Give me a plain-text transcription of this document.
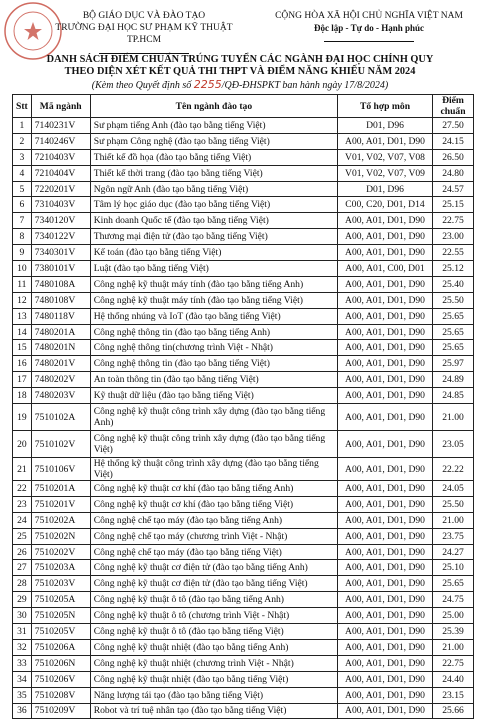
BỘ GIÁO DỤC VÀ ĐÀO TẠO
TRƯỜNG ĐẠI HỌC SƯ PHẠM KỸ THUẬT TP.HCM
CỘNG HÒA XÃ HỘI CHỦ NGHĨA VIỆT NAM
Độc lập - Tự do - Hạnh phúc
DANH SÁCH ĐIỂM CHUẨN TRÚNG TUYỂN CÁC NGÀNH ĐẠI HỌC CHÍNH QUY
THEO DIỆN XÉT KẾT QUẢ THI THPT VÀ ĐIỂM NĂNG KHIẾU NĂM 2024
(Kèm theo Quyết định số 2255/QĐ-ĐHSPKT ban hành ngày 17/8/2024)
Stt	Mã ngành	Tên ngành đào tạo	Tổ hợp môn	Điểm chuẩn
1	7140231V	Sư phạm tiếng Anh (đào tạo bằng tiếng Việt)	D01, D96	27.50
2	7140246V	Sư phạm Công nghệ (đào tạo bằng tiếng Việt)	A00, A01, D01, D90	24.15
3	7210403V	Thiết kế đồ họa (đào tạo bằng tiếng Việt)	V01, V02, V07, V08	26.50
4	7210404V	Thiết kế thời trang (đào tạo bằng tiếng Việt)	V01, V02, V07, V09	24.80
5	7220201V	Ngôn ngữ Anh (đào tạo bằng tiếng Việt)	D01, D96	24.57
6	7310403V	Tâm lý học giáo dục (đào tạo bằng tiếng Việt)	C00, C20, D01, D14	25.15
7	7340120V	Kinh doanh Quốc tế (đào tạo bằng tiếng Việt)	A00, A01, D01, D90	22.75
8	7340122V	Thương mại điện tử (đào tạo bằng tiếng Việt)	A00, A01, D01, D90	23.00
9	7340301V	Kế toán (đào tạo bằng tiếng Việt)	A00, A01, D01, D90	22.55
10	7380101V	Luật (đào tạo bằng tiếng Việt)	A00, A01, C00, D01	25.12
11	7480108A	Công nghệ kỹ thuật máy tính (đào tạo bằng tiếng Anh)	A00, A01, D01, D90	25.40
12	7480108V	Công nghệ kỹ thuật máy tính (đào tạo bằng tiếng Việt)	A00, A01, D01, D90	25.50
13	7480118V	Hệ thống nhúng và IoT (đào tạo bằng tiếng Việt)	A00, A01, D01, D90	25.65
14	7480201A	Công nghệ thông tin (đào tạo bằng tiếng Anh)	A00, A01, D01, D90	25.65
15	7480201N	Công nghệ thông tin(chương trình Việt - Nhật)	A00, A01, D01, D90	25.65
16	7480201V	Công nghệ thông tin (đào tạo bằng tiếng Việt)	A00, A01, D01, D90	25.97
17	7480202V	An toàn thông tin (đào tạo bằng tiếng Việt)	A00, A01, D01, D90	24.89
18	7480203V	Kỹ thuật dữ liệu (đào tạo bằng tiếng Việt)	A00, A01, D01, D90	24.85
19	7510102A	Công nghệ kỹ thuật công trình xây dựng (đào tạo bằng tiếng Anh)	A00, A01, D01, D90	21.00
20	7510102V	Công nghệ kỹ thuật công trình xây dựng (đào tạo bằng tiếng Việt)	A00, A01, D01, D90	23.05
21	7510106V	Hệ thống kỹ thuật công trình xây dựng (đào tạo bằng tiếng Việt)	A00, A01, D01, D90	22.22
22	7510201A	Công nghệ kỹ thuật cơ khí (đào tạo bằng tiếng Anh)	A00, A01, D01, D90	24.05
23	7510201V	Công nghệ kỹ thuật cơ khí (đào tạo bằng tiếng Việt)	A00, A01, D01, D90	25.50
24	7510202A	Công nghệ chế tạo máy (đào tạo bằng tiếng Anh)	A00, A01, D01, D90	21.00
25	7510202N	Công nghệ chế tạo máy (chương trình Việt - Nhật)	A00, A01, D01, D90	23.75
26	7510202V	Công nghệ chế tạo máy (đào tạo bằng tiếng Việt)	A00, A01, D01, D90	24.27
27	7510203A	Công nghệ kỹ thuật cơ điện tử (đào tạo bằng tiếng Anh)	A00, A01, D01, D90	25.10
28	7510203V	Công nghệ kỹ thuật cơ điện tử (đào tạo bằng tiếng Việt)	A00, A01, D01, D90	25.65
29	7510205A	Công nghệ kỹ thuật ô tô (đào tạo bằng tiếng Anh)	A00, A01, D01, D90	24.75
30	7510205N	Công nghệ kỹ thuật ô tô (chương trình Việt - Nhật)	A00, A01, D01, D90	25.00
31	7510205V	Công nghệ kỹ thuật ô tô (đào tạo bằng tiếng Việt)	A00, A01, D01, D90	25.39
32	7510206A	Công nghệ kỹ thuật nhiệt (đào tạo bằng tiếng Anh)	A00, A01, D01, D90	21.00
33	7510206N	Công nghệ kỹ thuật nhiệt (chương trình Việt - Nhật)	A00, A01, D01, D90	22.75
34	7510206V	Công nghệ kỹ thuật nhiệt (đào tạo bằng tiếng Việt)	A00, A01, D01, D90	24.40
35	7510208V	Năng lượng tái tạo (đào tạo bằng tiếng Việt)	A00, A01, D01, D90	23.15
36	7510209V	Robot và trí tuệ nhân tạo (đào tạo bằng tiếng Việt)	A00, A01, D01, D90	25.66
